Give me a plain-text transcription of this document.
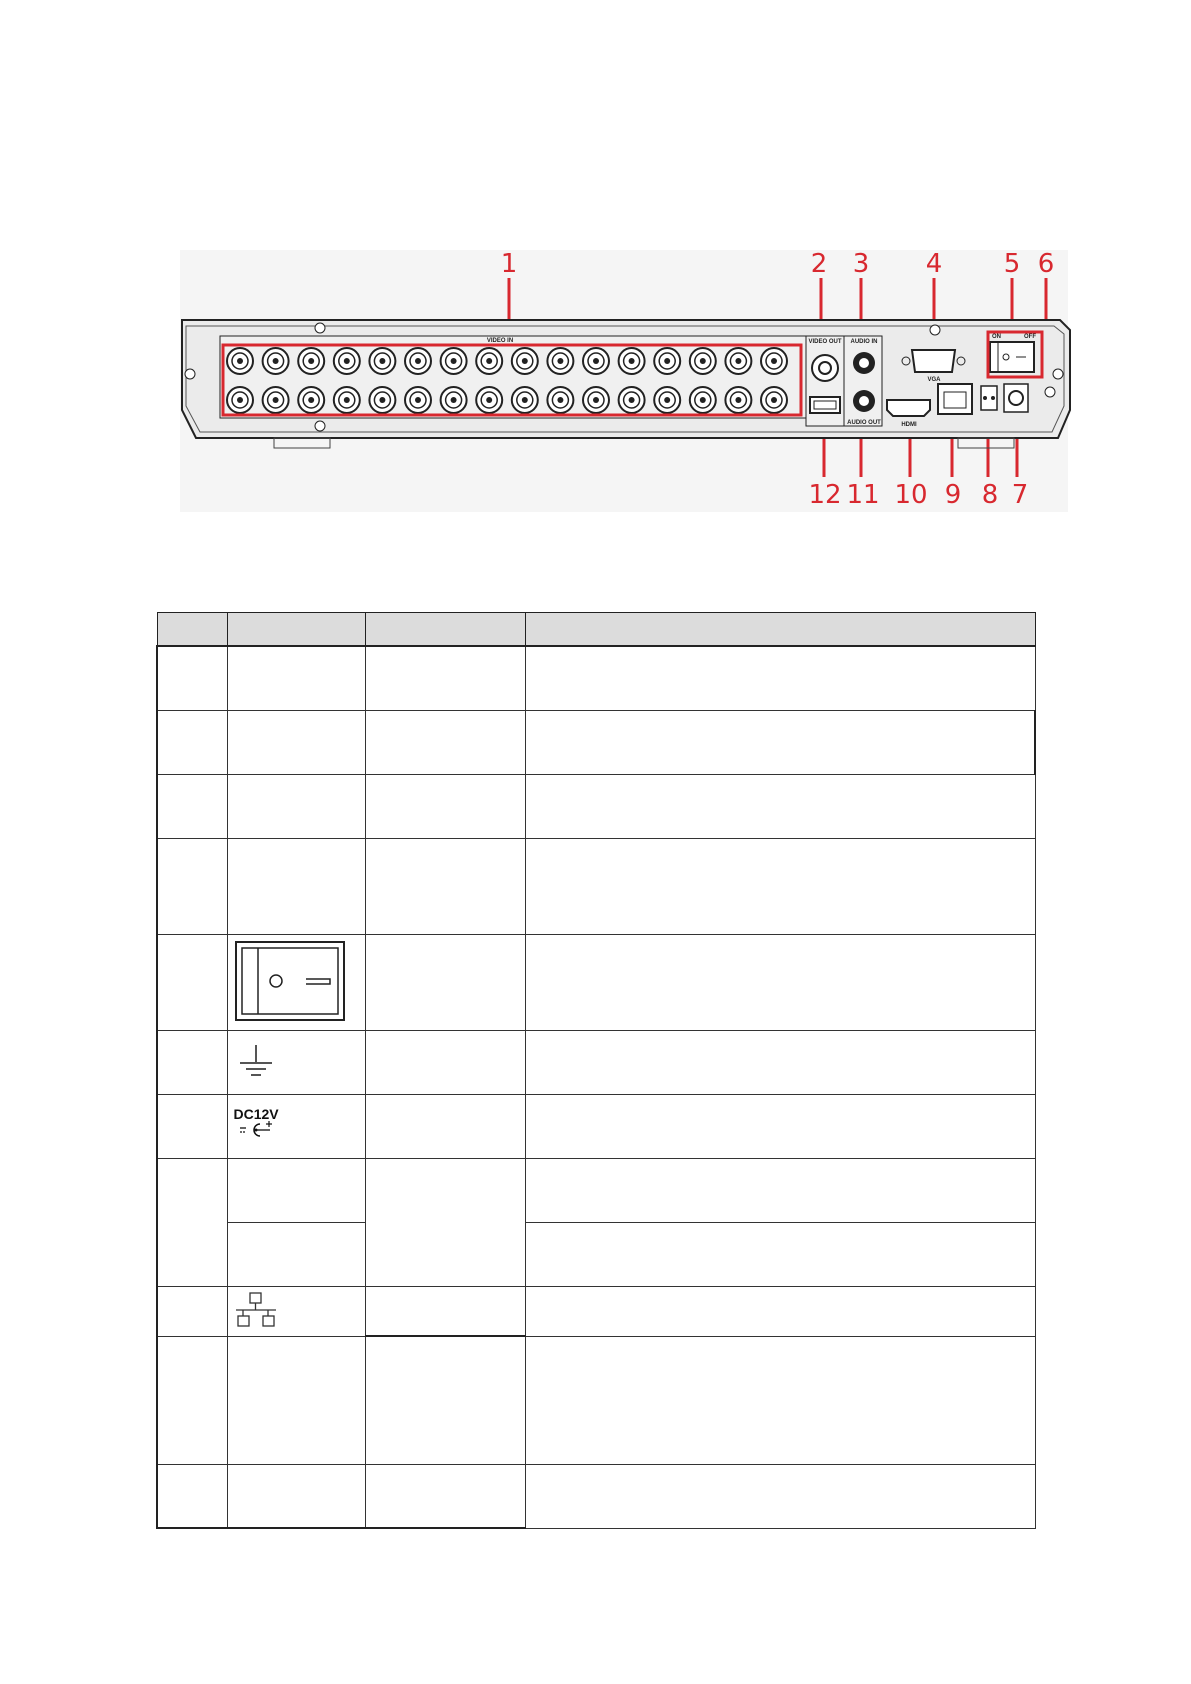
1	2 3 4 5 6
VIDEO IN	VIDEO OUT AUDIO IN
AUDIO OUT
VGA
HDMI
ON	OFF
12 11 10 9 8 7

	DC12V		
